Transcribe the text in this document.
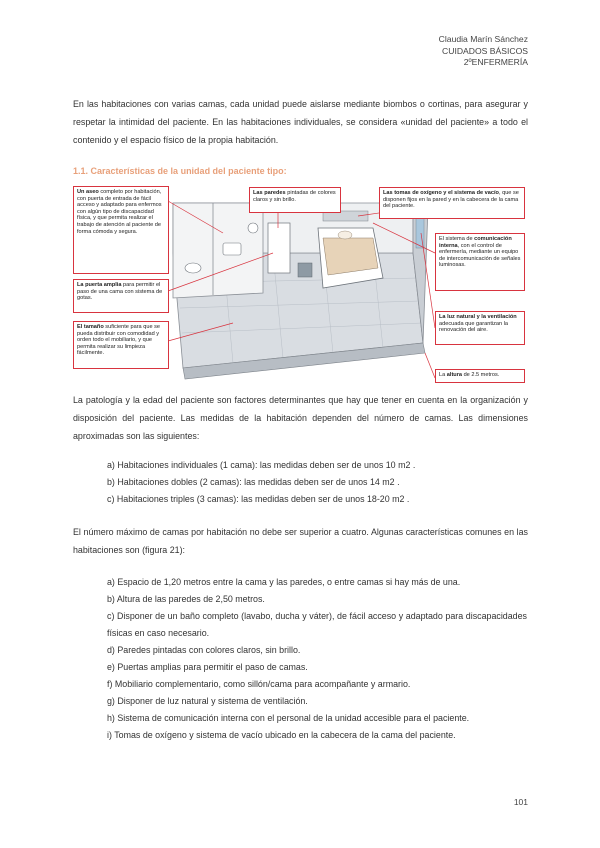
Claudia Marín Sánchez
CUIDADOS BÁSICOS
2ºENFERMERÍA
En las habitaciones con varias camas, cada unidad puede aislarse mediante biombos o cortinas, para asegurar y respetar la intimidad del paciente. En las habitaciones individuales, se considera «unidad del paciente» a todo el contenido y el espacio físico de la propia habitación.
1.1. Características de la unidad del paciente tipo:
Un aseo completo por habitación, con puerta de entrada de fácil acceso y adaptado para enfermos con algún tipo de discapacidad física, y que permita realizar el trabajo de atención al paciente de forma cómoda y segura.
La puerta amplia para permitir el paso de una cama con sistema de gotas.
El tamaño suficiente para que se pueda distribuir con comodidad y orden todo el mobiliario, y que permita realizar su limpieza fácilmente.
Las paredes pintadas de colores claros y sin brillo.
Las tomas de oxígeno y el sistema de vacío, que se disponen fijos en la pared y en la cabecera de la cama del paciente.
El sistema de comunicación interna, con el control de enfermería, mediante un equipo de intercomunicación de señales luminosas.
La luz natural y la ventilación adecuada que garantizan la renovación del aire.
La altura de 2.5 metros.
La patología y la edad del paciente son factores determinantes que hay que tener en cuenta en la organización y disposición del paciente. Las medidas de la habitación dependen del número de camas. Las dimensiones aproximadas son las siguientes:
a) Habitaciones individuales (1 cama): las medidas deben ser de unos 10 m2 .
b) Habitaciones dobles (2 camas): las medidas deben ser de unos 14 m2 .
c) Habitaciones triples (3 camas): las medidas deben ser de unos 18-20 m2 .
El número máximo de camas por habitación no debe ser superior a cuatro. Algunas características comunes en las habitaciones son (figura 21):
a) Espacio de 1,20 metros entre la cama y las paredes, o entre camas si hay más de una.
b) Altura de las paredes de 2,50 metros.
c) Disponer de un baño completo (lavabo, ducha y váter), de fácil acceso y adaptado para discapacidades físicas en caso necesario.
d) Paredes pintadas con colores claros, sin brillo.
e) Puertas amplias para permitir el paso de camas.
f) Mobiliario complementario, como sillón/cama para acompañante y armario.
g) Disponer de luz natural y sistema de ventilación.
h) Sistema de comunicación interna con el personal de la unidad accesible para el paciente.
i) Tomas de oxígeno y sistema de vacío ubicado en la cabecera de la cama del paciente.
101
